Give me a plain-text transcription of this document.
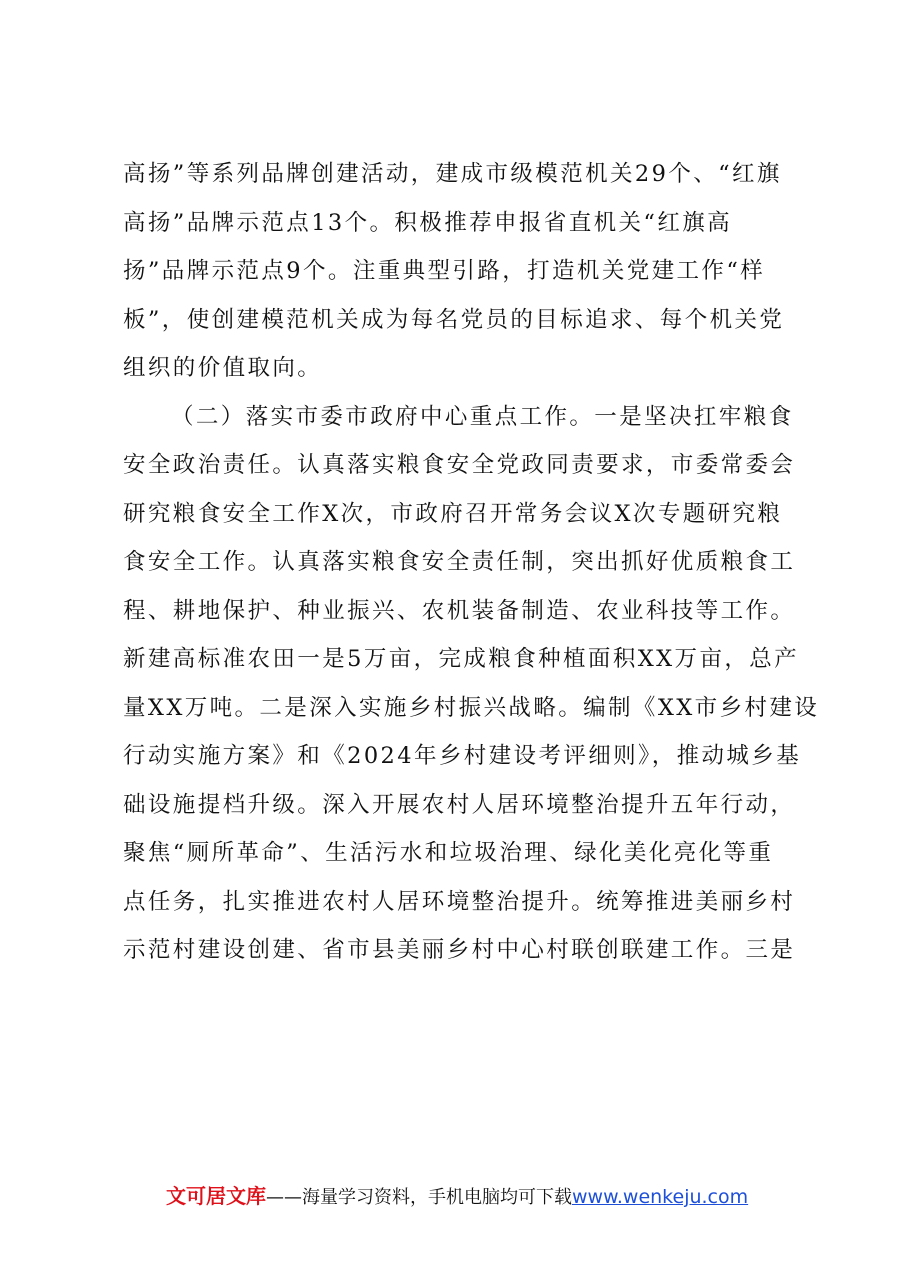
高扬”等系列品牌创建活动，建成市级模范机关29个、“红旗
高扬”品牌示范点13个。积极推荐申报省直机关“红旗高
扬”品牌示范点9个。注重典型引路，打造机关党建工作“样
板”，使创建模范机关成为每名党员的目标追求、每个机关党
组织的价值取向。
（二）落实市委市政府中心重点工作。一是坚决扛牢粮食
安全政治责任。认真落实粮食安全党政同责要求，市委常委会
研究粮食安全工作X次，市政府召开常务会议X次专题研究粮
食安全工作。认真落实粮食安全责任制，突出抓好优质粮食工
程、耕地保护、种业振兴、农机装备制造、农业科技等工作。
新建高标准农田一是5万亩，完成粮食种植面积XX万亩，总产
量XX万吨。二是深入实施乡村振兴战略。编制《XX市乡村建设
行动实施方案》和《2024年乡村建设考评细则》，推动城乡基
础设施提档升级。深入开展农村人居环境整治提升五年行动，
聚焦“厕所革命”、生活污水和垃圾治理、绿化美化亮化等重
点任务，扎实推进农村人居环境整治提升。统筹推进美丽乡村
示范村建设创建、省市县美丽乡村中心村联创联建工作。三是
文可居文库——海量学习资料，手机电脑均可下载www.wenkeju.com
